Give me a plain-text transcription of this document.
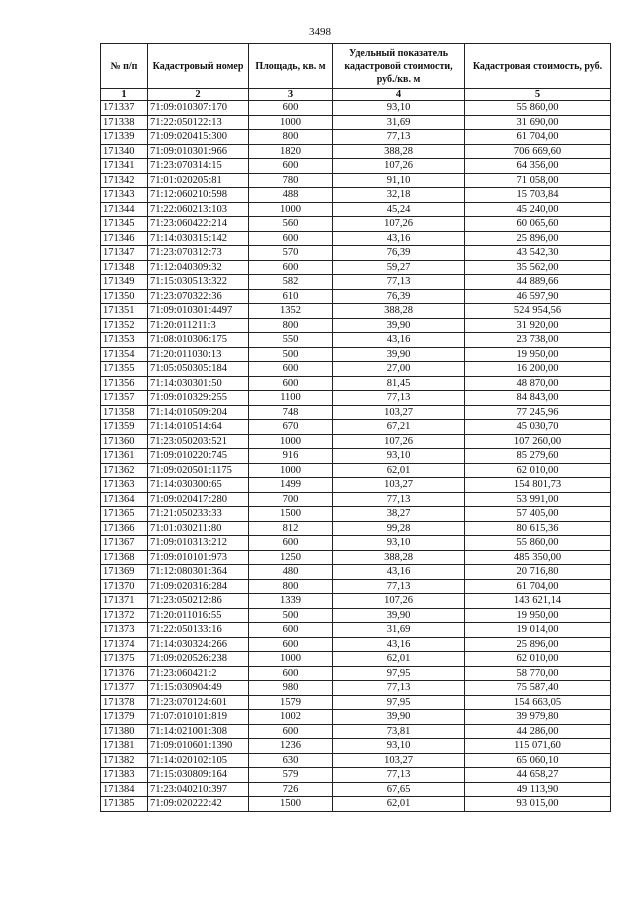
3498
№ п/п	Кадастровый номер	Площадь, кв. м	Удельный показатель кадастровой стоимости, руб./кв. м	Кадастровая стоимость, руб.
1	2	3	4	5
171337	71:09:010307:170	600	93,10	55 860,00
171338	71:22:050122:13	1000	31,69	31 690,00
171339	71:09:020415:300	800	77,13	61 704,00
171340	71:09:010301:966	1820	388,28	706 669,60
171341	71:23:070314:15	600	107,26	64 356,00
171342	71:01:020205:81	780	91,10	71 058,00
171343	71:12:060210:598	488	32,18	15 703,84
171344	71:22:060213:103	1000	45,24	45 240,00
171345	71:23:060422:214	560	107,26	60 065,60
171346	71:14:030315:142	600	43,16	25 896,00
171347	71:23:070312:73	570	76,39	43 542,30
171348	71:12:040309:32	600	59,27	35 562,00
171349	71:15:030513:322	582	77,13	44 889,66
171350	71:23:070322:36	610	76,39	46 597,90
171351	71:09:010301:4497	1352	388,28	524 954,56
171352	71:20:011211:3	800	39,90	31 920,00
171353	71:08:010306:175	550	43,16	23 738,00
171354	71:20:011030:13	500	39,90	19 950,00
171355	71:05:050305:184	600	27,00	16 200,00
171356	71:14:030301:50	600	81,45	48 870,00
171357	71:09:010329:255	1100	77,13	84 843,00
171358	71:14:010509:204	748	103,27	77 245,96
171359	71:14:010514:64	670	67,21	45 030,70
171360	71:23:050203:521	1000	107,26	107 260,00
171361	71:09:010220:745	916	93,10	85 279,60
171362	71:09:020501:1175	1000	62,01	62 010,00
171363	71:14:030300:65	1499	103,27	154 801,73
171364	71:09:020417:280	700	77,13	53 991,00
171365	71:21:050233:33	1500	38,27	57 405,00
171366	71:01:030211:80	812	99,28	80 615,36
171367	71:09:010313:212	600	93,10	55 860,00
171368	71:09:010101:973	1250	388,28	485 350,00
171369	71:12:080301:364	480	43,16	20 716,80
171370	71:09:020316:284	800	77,13	61 704,00
171371	71:23:050212:86	1339	107,26	143 621,14
171372	71:20:011016:55	500	39,90	19 950,00
171373	71:22:050133:16	600	31,69	19 014,00
171374	71:14:030324:266	600	43,16	25 896,00
171375	71:09:020526:238	1000	62,01	62 010,00
171376	71:23:060421:2	600	97,95	58 770,00
171377	71:15:030904:49	980	77,13	75 587,40
171378	71:23:070124:601	1579	97,95	154 663,05
171379	71:07:010101:819	1002	39,90	39 979,80
171380	71:14:021001:308	600	73,81	44 286,00
171381	71:09:010601:1390	1236	93,10	115 071,60
171382	71:14:020102:105	630	103,27	65 060,10
171383	71:15:030809:164	579	77,13	44 658,27
171384	71:23:040210:397	726	67,65	49 113,90
171385	71:09:020222:42	1500	62,01	93 015,00
